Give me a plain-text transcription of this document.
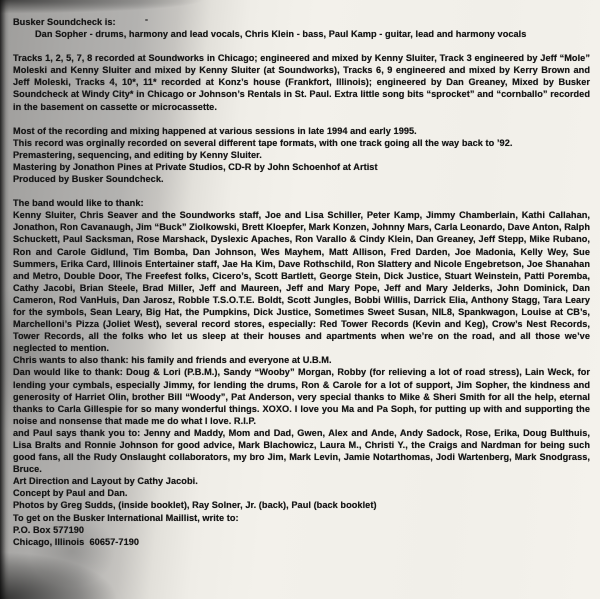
Busker Soundcheck is:

Dan Sopher - drums, harmony and lead vocals, Chris Klein - bass, Paul Kamp - guitar, lead and harmony vocals

Tracks 1, 2, 5, 7, 8 recorded at Soundworks in Chicago; engineered and mixed by Kenny Sluiter, Track 3 engineered by Jeff “Mole” Moleski and Kenny Sluiter and mixed by Kenny Sluiter (at Soundworks), Tracks 6, 9 engineered and mixed by Kerry Brown and Jeff Moleski, Tracks 4, 10*, 11* recorded at Konz’s house (Frankfort, Illinois); engineered by Dan Greaney, Mixed by Busker Soundcheck at Windy City* in Chicago or Johnson’s Rentals in St. Paul. Extra little song bits “sprocket” and “cornballo” recorded in the basement on cassette or microcassette.

Most of the recording and mixing happened at various sessions in late 1994 and early 1995.

This record was orginally recorded on several different tape formats, with one track going all the way back to ’92.

Premastering, sequencing, and editing by Kenny Sluiter.

Mastering by Jonathon Pines at Private Studios, CD-R by John Schoenhof at Artist

Produced by Busker Soundcheck.

The band would like to thank:

Kenny Sluiter, Chris Seaver and the Soundworks staff, Joe and Lisa Schiller, Peter Kamp, Jimmy Chamberlain, Kathi Callahan, Jonathon, Ron Cavanaugh, Jim “Buck” Ziolkowski, Brett Kloepfer, Mark Konzen, Johnny Mars, Carla Leonardo, Dave Anton, Ralph Schuckett, Paul Sacksman, Rose Marshack, Dyslexic Apaches, Ron Varallo & Cindy Klein, Dan Greaney, Jeff Stepp, Mike Rubano, Ron and Carole Gidlund, Tim Bomba, Dan Johnson, Wes Mayhem, Matt Allison, Fred Darden, Joe Madonia, Kelly Wey, Sue Summers, Erika Card, Illinois Entertainer staff, Jae Ha Kim, Dave Rothschild, Ron Slattery and Nicole Engebretson, Joe Shanahan and Metro, Double Door, The Freefest folks, Cicero’s, Scott Bartlett, George Stein, Dick Justice, Stuart Weinstein, Patti Poremba, Cathy Jacobi, Brian Steele, Brad Miller, Jeff and Maureen, Jeff and Mary Pope, Jeff and Mary Jelderks, John Dominick, Dan Cameron, Rod VanHuis, Dan Jarosz, Robble T.S.O.T.E. Boldt, Scott Jungles, Bobbi Willis, Darrick Elia, Anthony Stagg, Tara Leary for the symbols, Sean Leary, Big Hat, the Pumpkins, Dick Justice, Sometimes Sweet Susan, NIL8, Spankwagon, Louise at CB’s, Marchelloni’s Pizza (Joliet West), several record stores, especially: Red Tower Records (Kevin and Keg), Crow’s Nest Records, Tower Records, all the folks who let us sleep at their houses and apartments when we’re on the road, and all those we’ve neglected to mention.

Chris wants to also thank: his family and friends and everyone at U.B.M.

Dan would like to thank: Doug & Lori (P.B.M.), Sandy “Wooby” Morgan, Robby (for relieving a lot of road stress), Lain Weck, for lending your cymbals, especially Jimmy, for lending the drums, Ron & Carole for a lot of support, Jim Sopher, the kindness and generosity of Harriet Olin, brother Bill “Woody”, Pat Anderson, very special thanks to Mike & Sheri Smith for all the help, eternal thanks to Carla Gillespie for so many wonderful things. XOXO. I love you Ma and Pa Soph, for putting up with and supporting the noise and nonsense that made me do what I love. R.I.P.

and Paul says thank you to: Jenny and Maddy, Mom and Dad, Gwen, Alex and Ande, Andy Sadock, Rose, Erika, Doug Bulthuis, Lisa Bralts and Ronnie Johnson for good advice, Mark Blachowicz, Laura M., Christi Y., the Craigs and Nardman for being such good fans, all the Rudy Onslaught collaborators, my bro Jim, Mark Levin, Jamie Notarthomas, Jodi Wartenberg, Mark Snodgrass, Bruce.

Art Direction and Layout by Cathy Jacobi.

Concept by Paul and Dan.

Photos by Greg Sudds, (inside booklet), Ray Solner, Jr. (back), Paul (back booklet)

To get on the Busker International Maillist, write to:

P.O. Box 577190

Chicago, Illinois  60657-7190
